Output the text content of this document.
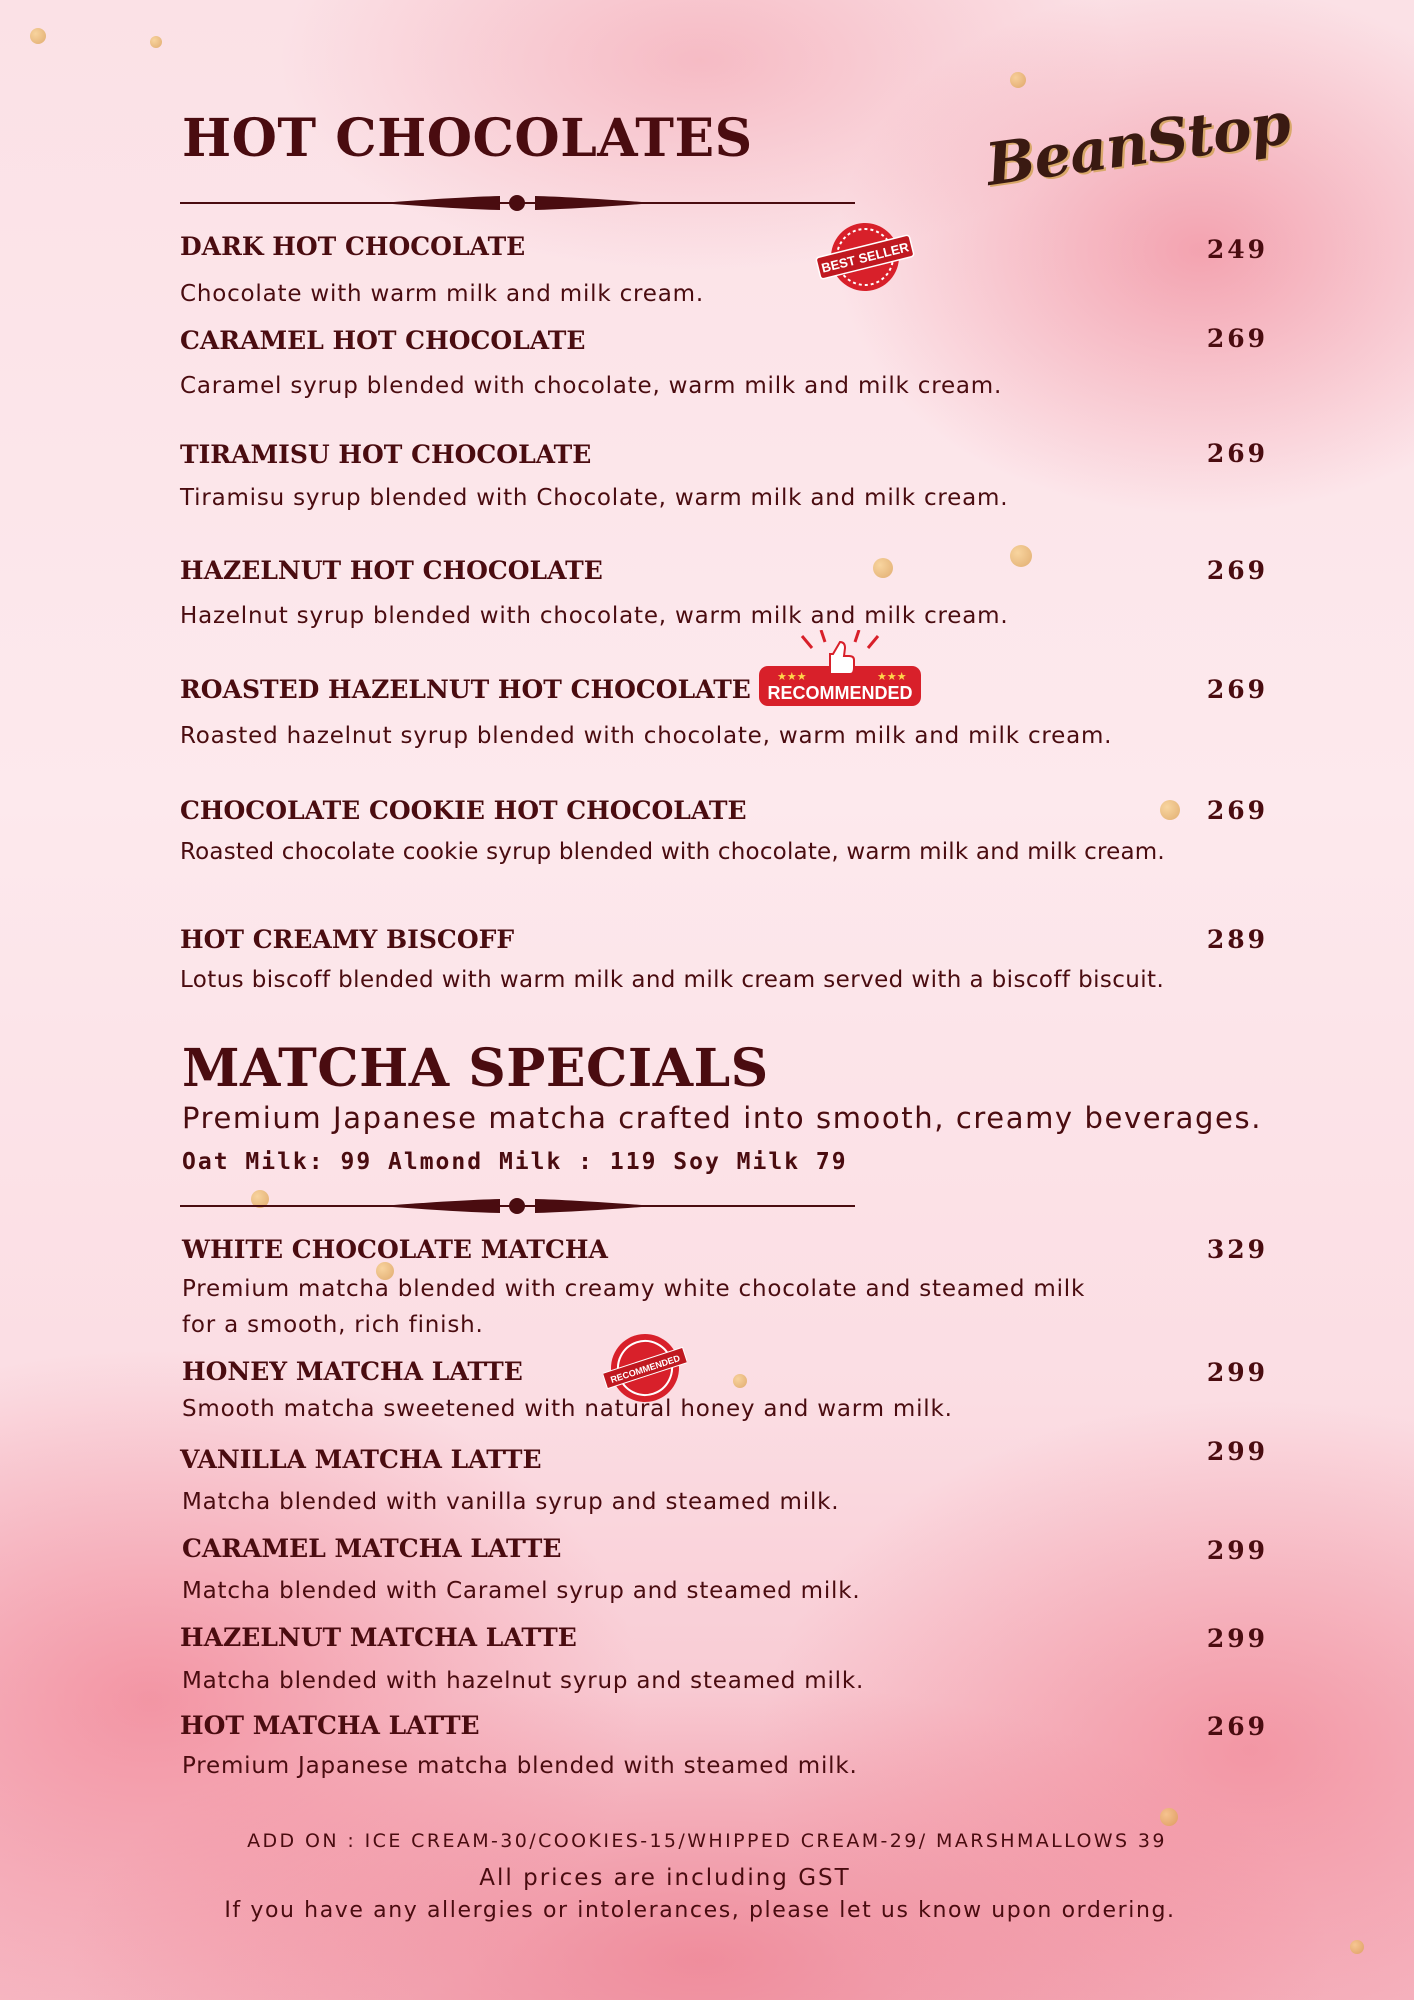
BeanStop
HOT CHOCOLATES
DARK HOT CHOCOLATE	249
Chocolate with warm milk and milk cream.
BEST SELLER
CARAMEL HOT CHOCOLATE	269
Caramel syrup blended with chocolate, warm milk and milk cream.
TIRAMISU HOT CHOCOLATE	269
Tiramisu syrup blended with Chocolate, warm milk and milk cream.
HAZELNUT HOT CHOCOLATE	269
Hazelnut syrup blended with chocolate, warm milk and milk cream.
ROASTED HAZELNUT HOT CHOCOLATE	269
Roasted hazelnut syrup blended with chocolate, warm milk and milk cream.
★★★	★★★
RECOMMENDED
CHOCOLATE COOKIE HOT CHOCOLATE	269
Roasted chocolate cookie syrup blended with chocolate, warm milk and milk cream.
HOT CREAMY BISCOFF	289
Lotus biscoff blended with warm milk and milk cream served with a biscoff biscuit.
MATCHA SPECIALS
Premium Japanese matcha crafted into smooth, creamy beverages.
Oat Milk: 99 Almond Milk : 119 Soy Milk 79
WHITE CHOCOLATE MATCHA	329
Premium matcha blended with creamy white chocolate and steamed milk for a smooth, rich finish.
HONEY MATCHA LATTE	299
Smooth matcha sweetened with natural honey and warm milk.
RECOMMENDED
VANILLA MATCHA LATTE	299
Matcha blended with vanilla syrup and steamed milk.
CARAMEL MATCHA LATTE	299
Matcha blended with Caramel syrup and steamed milk.
HAZELNUT MATCHA LATTE	299
Matcha blended with hazelnut syrup and steamed milk.
HOT MATCHA LATTE	269
Premium Japanese matcha blended with steamed milk.
ADD ON : ICE CREAM-30/COOKIES-15/WHIPPED CREAM-29/ MARSHMALLOWS 39
All prices are including GST
If you have any allergies or intolerances, please let us know upon ordering.
